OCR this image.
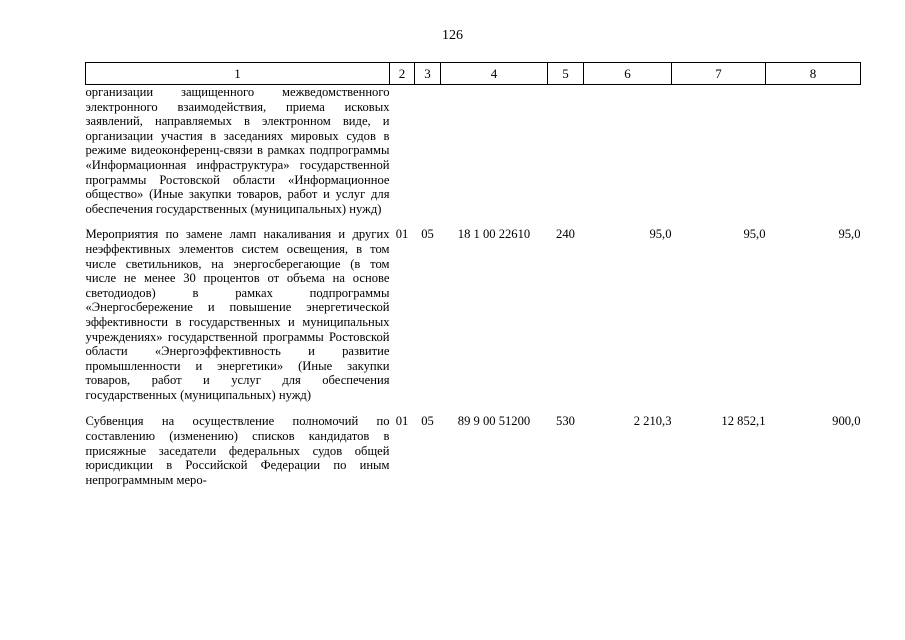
126
1	2	3	4	5	6	7	8
организации защищенного межведомственного электронного взаимодействия, приема исковых заявлений, направляемых в электронном виде, и организации участия в заседаниях мировых судов в режиме видеоконференц-связи в рамках подпрограммы «Информационная инфраструктура» государственной программы Ростовской области «Информационное общество» (Иные закупки товаров, работ и услуг для обеспечения государственных (муниципальных) нужд)							
Мероприятия по замене ламп накаливания и других неэффективных элементов систем освещения, в том числе светильников, на энергосберегающие (в том числе не менее 30 процентов от объема на основе светодиодов) в рамках подпрограммы «Энергосбережение и повышение энергетической эффективности в государственных и муниципальных учреждениях» государственной программы Ростовской области «Энергоэффективность и развитие промышленности и энергетики» (Иные закупки товаров, работ и услуг для обеспечения государственных (муниципальных) нужд)	01	05	18 1 00 22610	240	95,0	95,0	95,0
Субвенция на осуществление полномочий по составлению (изменению) списков кандидатов в присяжные заседатели федеральных судов общей юрисдикции в Российской Федерации по иным непрограммным меро-	01	05	89 9 00 51200	530	2 210,3	12 852,1	900,0
